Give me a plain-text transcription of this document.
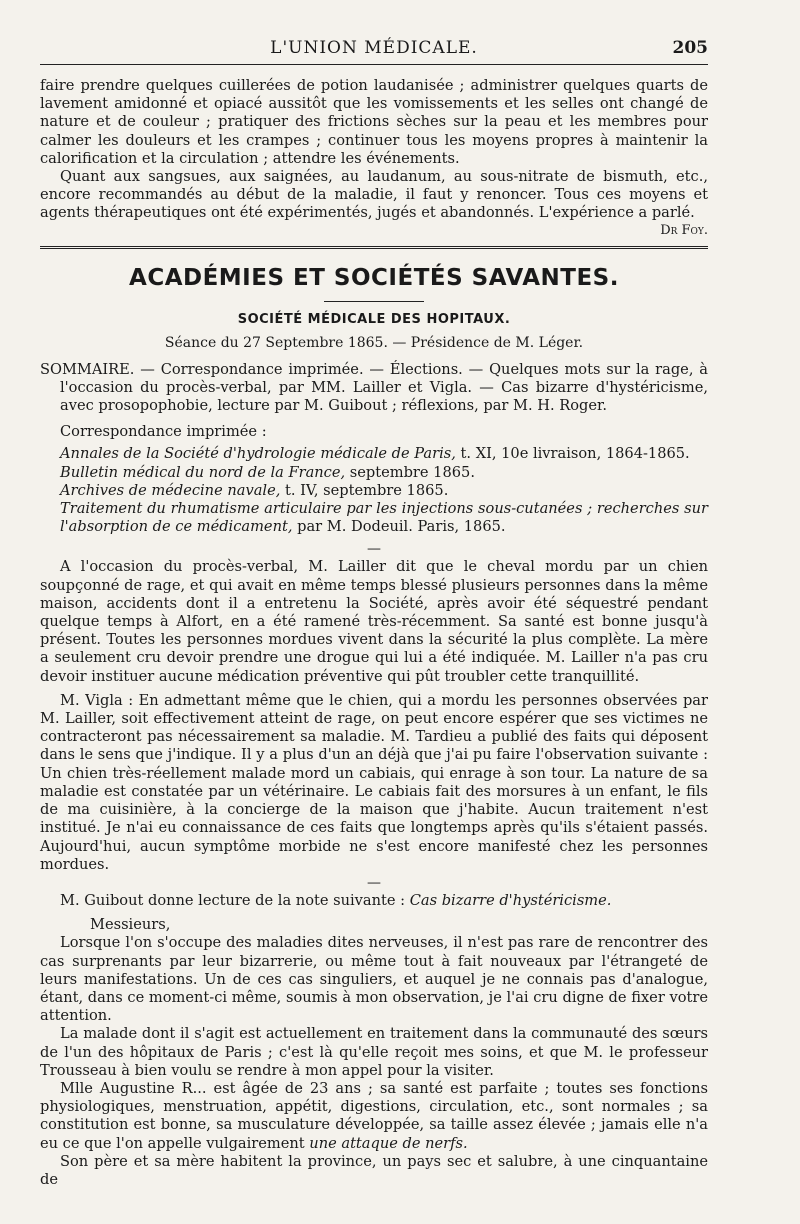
L'UNION MÉDICALE.	205

faire prendre quelques cuillerées de potion laudanisée ; administrer quelques quarts de lavement amidonné et opiacé aussitôt que les vomissements et les selles ont changé de nature et de couleur ; pratiquer des frictions sèches sur la peau et les membres pour calmer les douleurs et les crampes ; continuer tous les moyens propres à maintenir la calorification et la circulation ; attendre les événements.

Quant aux sangsues, aux saignées, au laudanum, au sous-nitrate de bismuth, etc., encore recommandés au début de la maladie, il faut y renoncer. Tous ces moyens et agents thérapeutiques ont été expérimentés, jugés et abandonnés. L'expérience a parlé.

Dr Foy.

ACADÉMIES ET SOCIÉTÉS SAVANTES.
SOCIÉTÉ MÉDICALE DES HOPITAUX.
Séance du 27 Septembre 1865. — Présidence de M. Léger.

SOMMAIRE. — Correspondance imprimée. — Élections. — Quelques mots sur la rage, à l'occasion du procès-verbal, par MM. Lailler et Vigla. — Cas bizarre d'hystéricisme, avec prosopophobie, lecture par M. Guibout ; réflexions, par M. H. Roger.

Correspondance imprimée :

Annales de la Société d'hydrologie médicale de Paris, t. XI, 10e livraison, 1864-1865.

Bulletin médical du nord de la France, septembre 1865.

Archives de médecine navale, t. IV, septembre 1865.

Traitement du rhumatisme articulaire par les injections sous-cutanées ; recherches sur l'absorption de ce médicament, par M. Dodeuil. Paris, 1865.

—

A l'occasion du procès-verbal, M. Lailler dit que le cheval mordu par un chien soupçonné de rage, et qui avait en même temps blessé plusieurs personnes dans la même maison, accidents dont il a entretenu la Société, après avoir été séquestré pendant quelque temps à Alfort, en a été ramené très-récemment. Sa santé est bonne jusqu'à présent. Toutes les personnes mordues vivent dans la sécurité la plus complète. La mère a seulement cru devoir prendre une drogue qui lui a été indiquée. M. Lailler n'a pas cru devoir instituer aucune médication préventive qui pût troubler cette tranquillité.

M. Vigla : En admettant même que le chien, qui a mordu les personnes observées par M. Lailler, soit effectivement atteint de rage, on peut encore espérer que ses victimes ne contracteront pas nécessairement sa maladie. M. Tardieu a publié des faits qui déposent dans le sens que j'indique. Il y a plus d'un an déjà que j'ai pu faire l'observation suivante : Un chien très-réellement malade mord un cabiais, qui enrage à son tour. La nature de sa maladie est constatée par un vétérinaire. Le cabiais fait des morsures à un enfant, le fils de ma cuisinière, à la concierge de la maison que j'habite. Aucun traitement n'est institué. Je n'ai eu connaissance de ces faits que longtemps après qu'ils s'étaient passés. Aujourd'hui, aucun symptôme morbide ne s'est encore manifesté chez les personnes mordues.

—

M. Guibout donne lecture de la note suivante : Cas bizarre d'hystéricisme.

Messieurs,

Lorsque l'on s'occupe des maladies dites nerveuses, il n'est pas rare de rencontrer des cas surprenants par leur bizarrerie, ou même tout à fait nouveaux par l'étrangeté de leurs manifestations. Un de ces cas singuliers, et auquel je ne connais pas d'analogue, étant, dans ce moment-ci même, soumis à mon observation, je l'ai cru digne de fixer votre attention.

La malade dont il s'agit est actuellement en traitement dans la communauté des sœurs de l'un des hôpitaux de Paris ; c'est là qu'elle reçoit mes soins, et que M. le professeur Trousseau à bien voulu se rendre à mon appel pour la visiter.

Mlle Augustine R... est âgée de 23 ans ; sa santé est parfaite ; toutes ses fonctions physiologiques, menstruation, appétit, digestions, circulation, etc., sont normales ; sa constitution est bonne, sa musculature développée, sa taille assez élevée ; jamais elle n'a eu ce que l'on appelle vulgairement une attaque de nerfs.

Son père et sa mère habitent la province, un pays sec et salubre, à une cinquantaine de
